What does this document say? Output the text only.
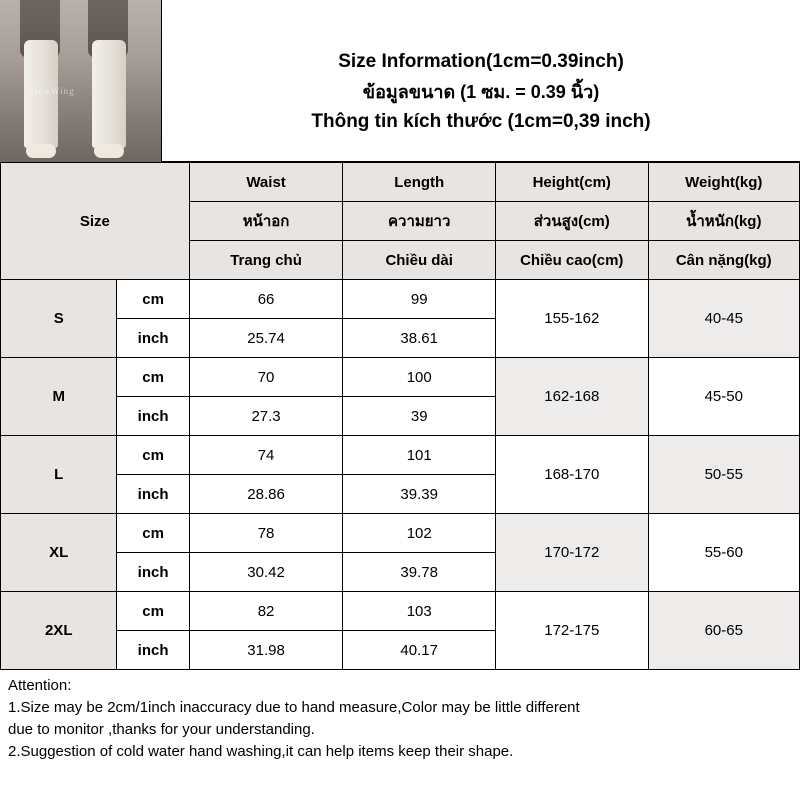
ViewWing
Size Information(1cm=0.39inch)
ข้อมูลขนาด (1 ซม. = 0.39 นิ้ว)
Thông tin kích thước (1cm=0,39 inch)
Size		Waist	Length	Height(cm)	Weight(kg)
		หน้าอก	ความยาว	ส่วนสูง(cm)	น้ำหนัก(kg)
		Trang chủ	Chiều dài	Chiều cao(cm)	Cân nặng(kg)
S	cm	66	99	155-162	40-45
	inch	25.74	38.61		
M	cm	70	100	162-168	45-50
	inch	27.3	39		
L	cm	74	101	168-170	50-55
	inch	28.86	39.39		
XL	cm	78	102	170-172	55-60
	inch	30.42	39.78		
2XL	cm	82	103	172-175	60-65
	inch	31.98	40.17		
Attention:
1.Size may be 2cm/1inch inaccuracy due to hand measure,Color may be little different
due to monitor ,thanks for your understanding.
2.Suggestion of cold water hand washing,it can help items keep their shape.
